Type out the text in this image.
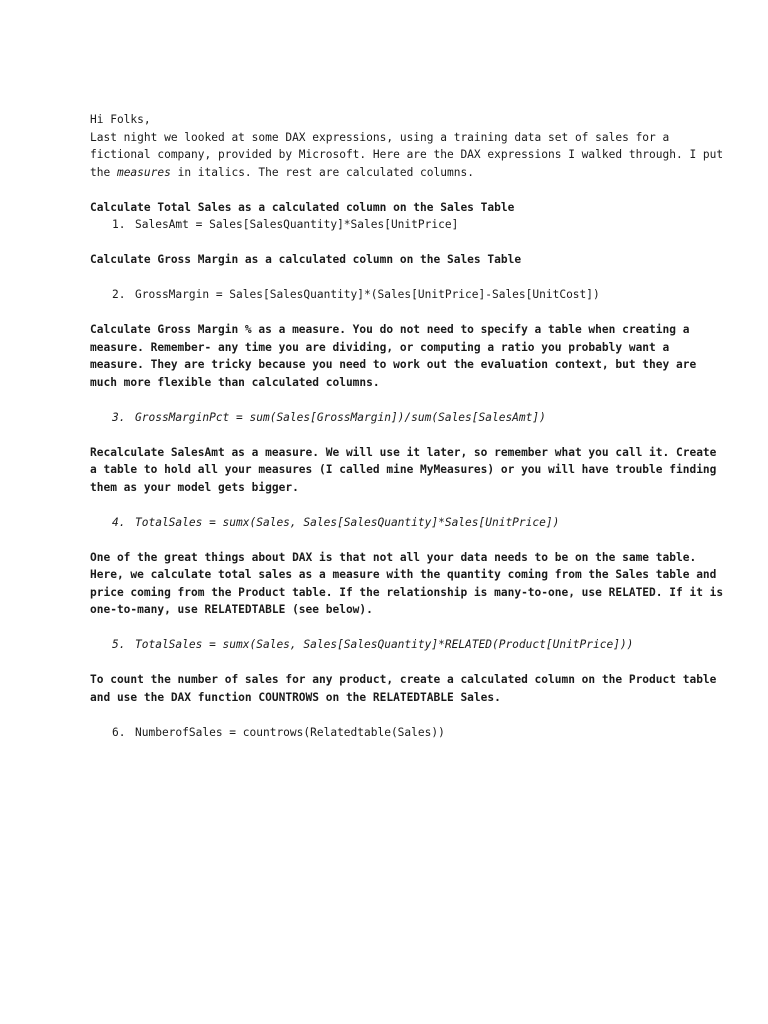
Hi Folks,
Last night we looked at some DAX expressions, using a training data set of sales for a
fictional company, provided by Microsoft. Here are the DAX expressions I walked through. I put
the measures in italics. The rest are calculated columns.
Calculate Total Sales as a calculated column on the Sales Table
1. SalesAmt = Sales[SalesQuantity]*Sales[UnitPrice]
Calculate Gross Margin as a calculated column on the Sales Table
2. GrossMargin = Sales[SalesQuantity]*(Sales[UnitPrice]-Sales[UnitCost])
Calculate Gross Margin % as a measure. You do not need to specify a table when creating a
measure. Remember- any time you are dividing, or computing a ratio you probably want a
measure. They are tricky because you need to work out the evaluation context, but they are
much more flexible than calculated columns.
3. GrossMarginPct = sum(Sales[GrossMargin])/sum(Sales[SalesAmt])
Recalculate SalesAmt as a measure. We will use it later, so remember what you call it. Create
a table to hold all your measures (I called mine MyMeasures) or you will have trouble finding
them as your model gets bigger.
4. TotalSales = sumx(Sales, Sales[SalesQuantity]*Sales[UnitPrice])
One of the great things about DAX is that not all your data needs to be on the same table.
Here, we calculate total sales as a measure with the quantity coming from the Sales table and
price coming from the Product table. If the relationship is many-to-one, use RELATED. If it is
one-to-many, use RELATEDTABLE (see below).
5. TotalSales = sumx(Sales, Sales[SalesQuantity]*RELATED(Product[UnitPrice]))
To count the number of sales for any product, create a calculated column on the Product table
and use the DAX function COUNTROWS on the RELATEDTABLE Sales.
6. NumberofSales = countrows(Relatedtable(Sales))
